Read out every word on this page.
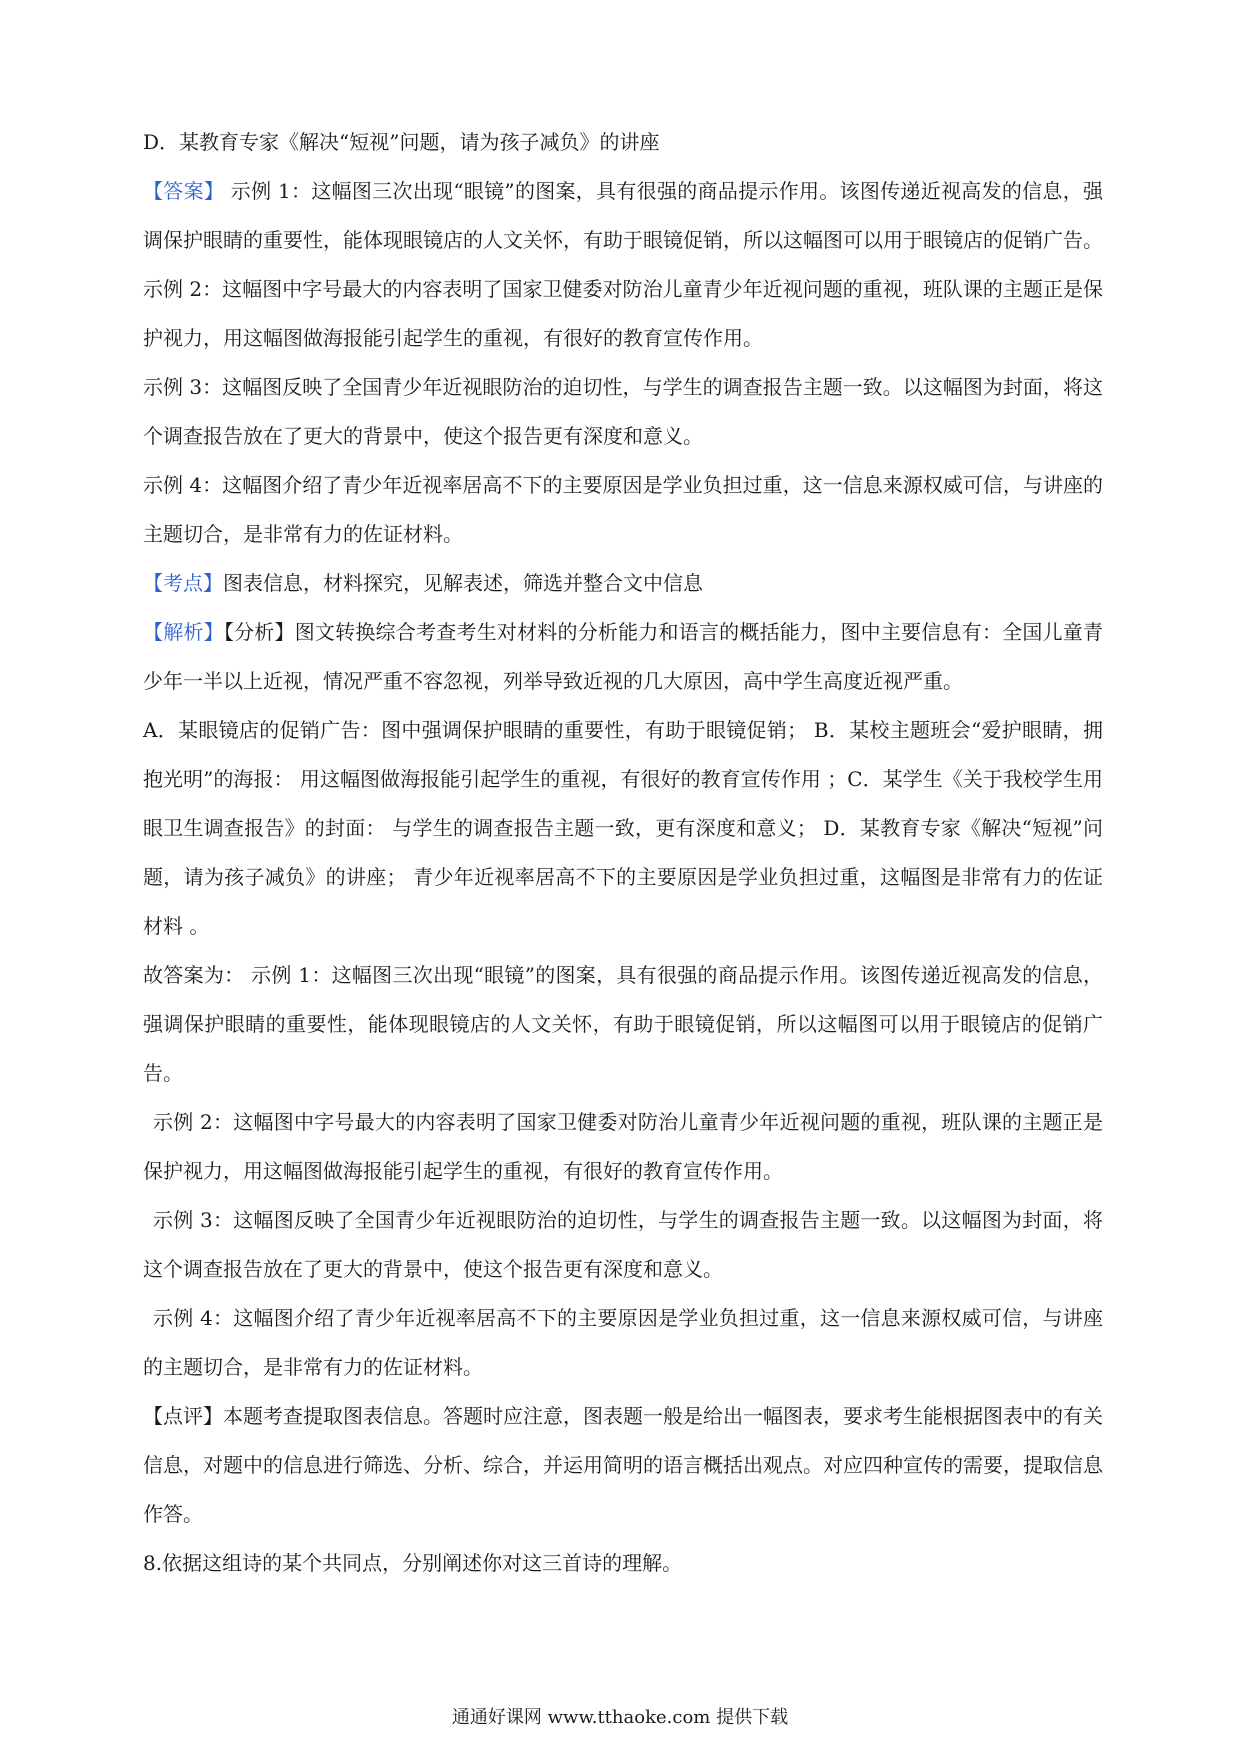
D．某教育专家《解决“短视”问题，请为孩子减负》的讲座

【答案】 示例 1：这幅图三次出现“眼镜”的图案，具有很强的商品提示作用。该图传递近视高发的信息，强调保护眼睛的重要性，能体现眼镜店的人文关怀，有助于眼镜促销，所以这幅图可以用于眼镜店的促销广告。

示例 2：这幅图中字号最大的内容表明了国家卫健委对防治儿童青少年近视问题的重视，班队课的主题正是保护视力，用这幅图做海报能引起学生的重视，有很好的教育宣传作用。

示例 3：这幅图反映了全国青少年近视眼防治的迫切性，与学生的调查报告主题一致。以这幅图为封面，将这个调查报告放在了更大的背景中，使这个报告更有深度和意义。

示例 4：这幅图介绍了青少年近视率居高不下的主要原因是学业负担过重，这一信息来源权威可信，与讲座的主题切合，是非常有力的佐证材料。

【考点】图表信息，材料探究，见解表述，筛选并整合文中信息

【解析】【分析】图文转换综合考查考生对材料的分析能力和语言的概括能力，图中主要信息有：全国儿童青少年一半以上近视，情况严重不容忽视，列举导致近视的几大原因，高中学生高度近视严重。

A．某眼镜店的促销广告：图中强调保护眼睛的重要性，有助于眼镜促销； B．某校主题班会“爱护眼睛，拥抱光明”的海报： 用这幅图做海报能引起学生的重视，有很好的教育宣传作用 ；C．某学生《关于我校学生用眼卫生调查报告》的封面： 与学生的调查报告主题一致，更有深度和意义； D．某教育专家《解决“短视”问题，请为孩子减负》的讲座； 青少年近视率居高不下的主要原因是学业负担过重，这幅图是非常有力的佐证材料 。

故答案为： 示例 1：这幅图三次出现“眼镜”的图案，具有很强的商品提示作用。该图传递近视高发的信息，强调保护眼睛的重要性，能体现眼镜店的人文关怀，有助于眼镜促销，所以这幅图可以用于眼镜店的促销广告。

示例 2：这幅图中字号最大的内容表明了国家卫健委对防治儿童青少年近视问题的重视，班队课的主题正是保护视力，用这幅图做海报能引起学生的重视，有很好的教育宣传作用。

示例 3：这幅图反映了全国青少年近视眼防治的迫切性，与学生的调查报告主题一致。以这幅图为封面，将这个调查报告放在了更大的背景中，使这个报告更有深度和意义。

示例 4：这幅图介绍了青少年近视率居高不下的主要原因是学业负担过重，这一信息来源权威可信，与讲座的主题切合，是非常有力的佐证材料。

【点评】本题考查提取图表信息。答题时应注意，图表题一般是给出一幅图表，要求考生能根据图表中的有关信息，对题中的信息进行筛选、分析、综合，并运用简明的语言概括出观点。对应四种宣传的需要，提取信息作答。

8.依据这组诗的某个共同点，分别阐述你对这三首诗的理解。

通通好课网 www.tthaoke.com 提供下载
